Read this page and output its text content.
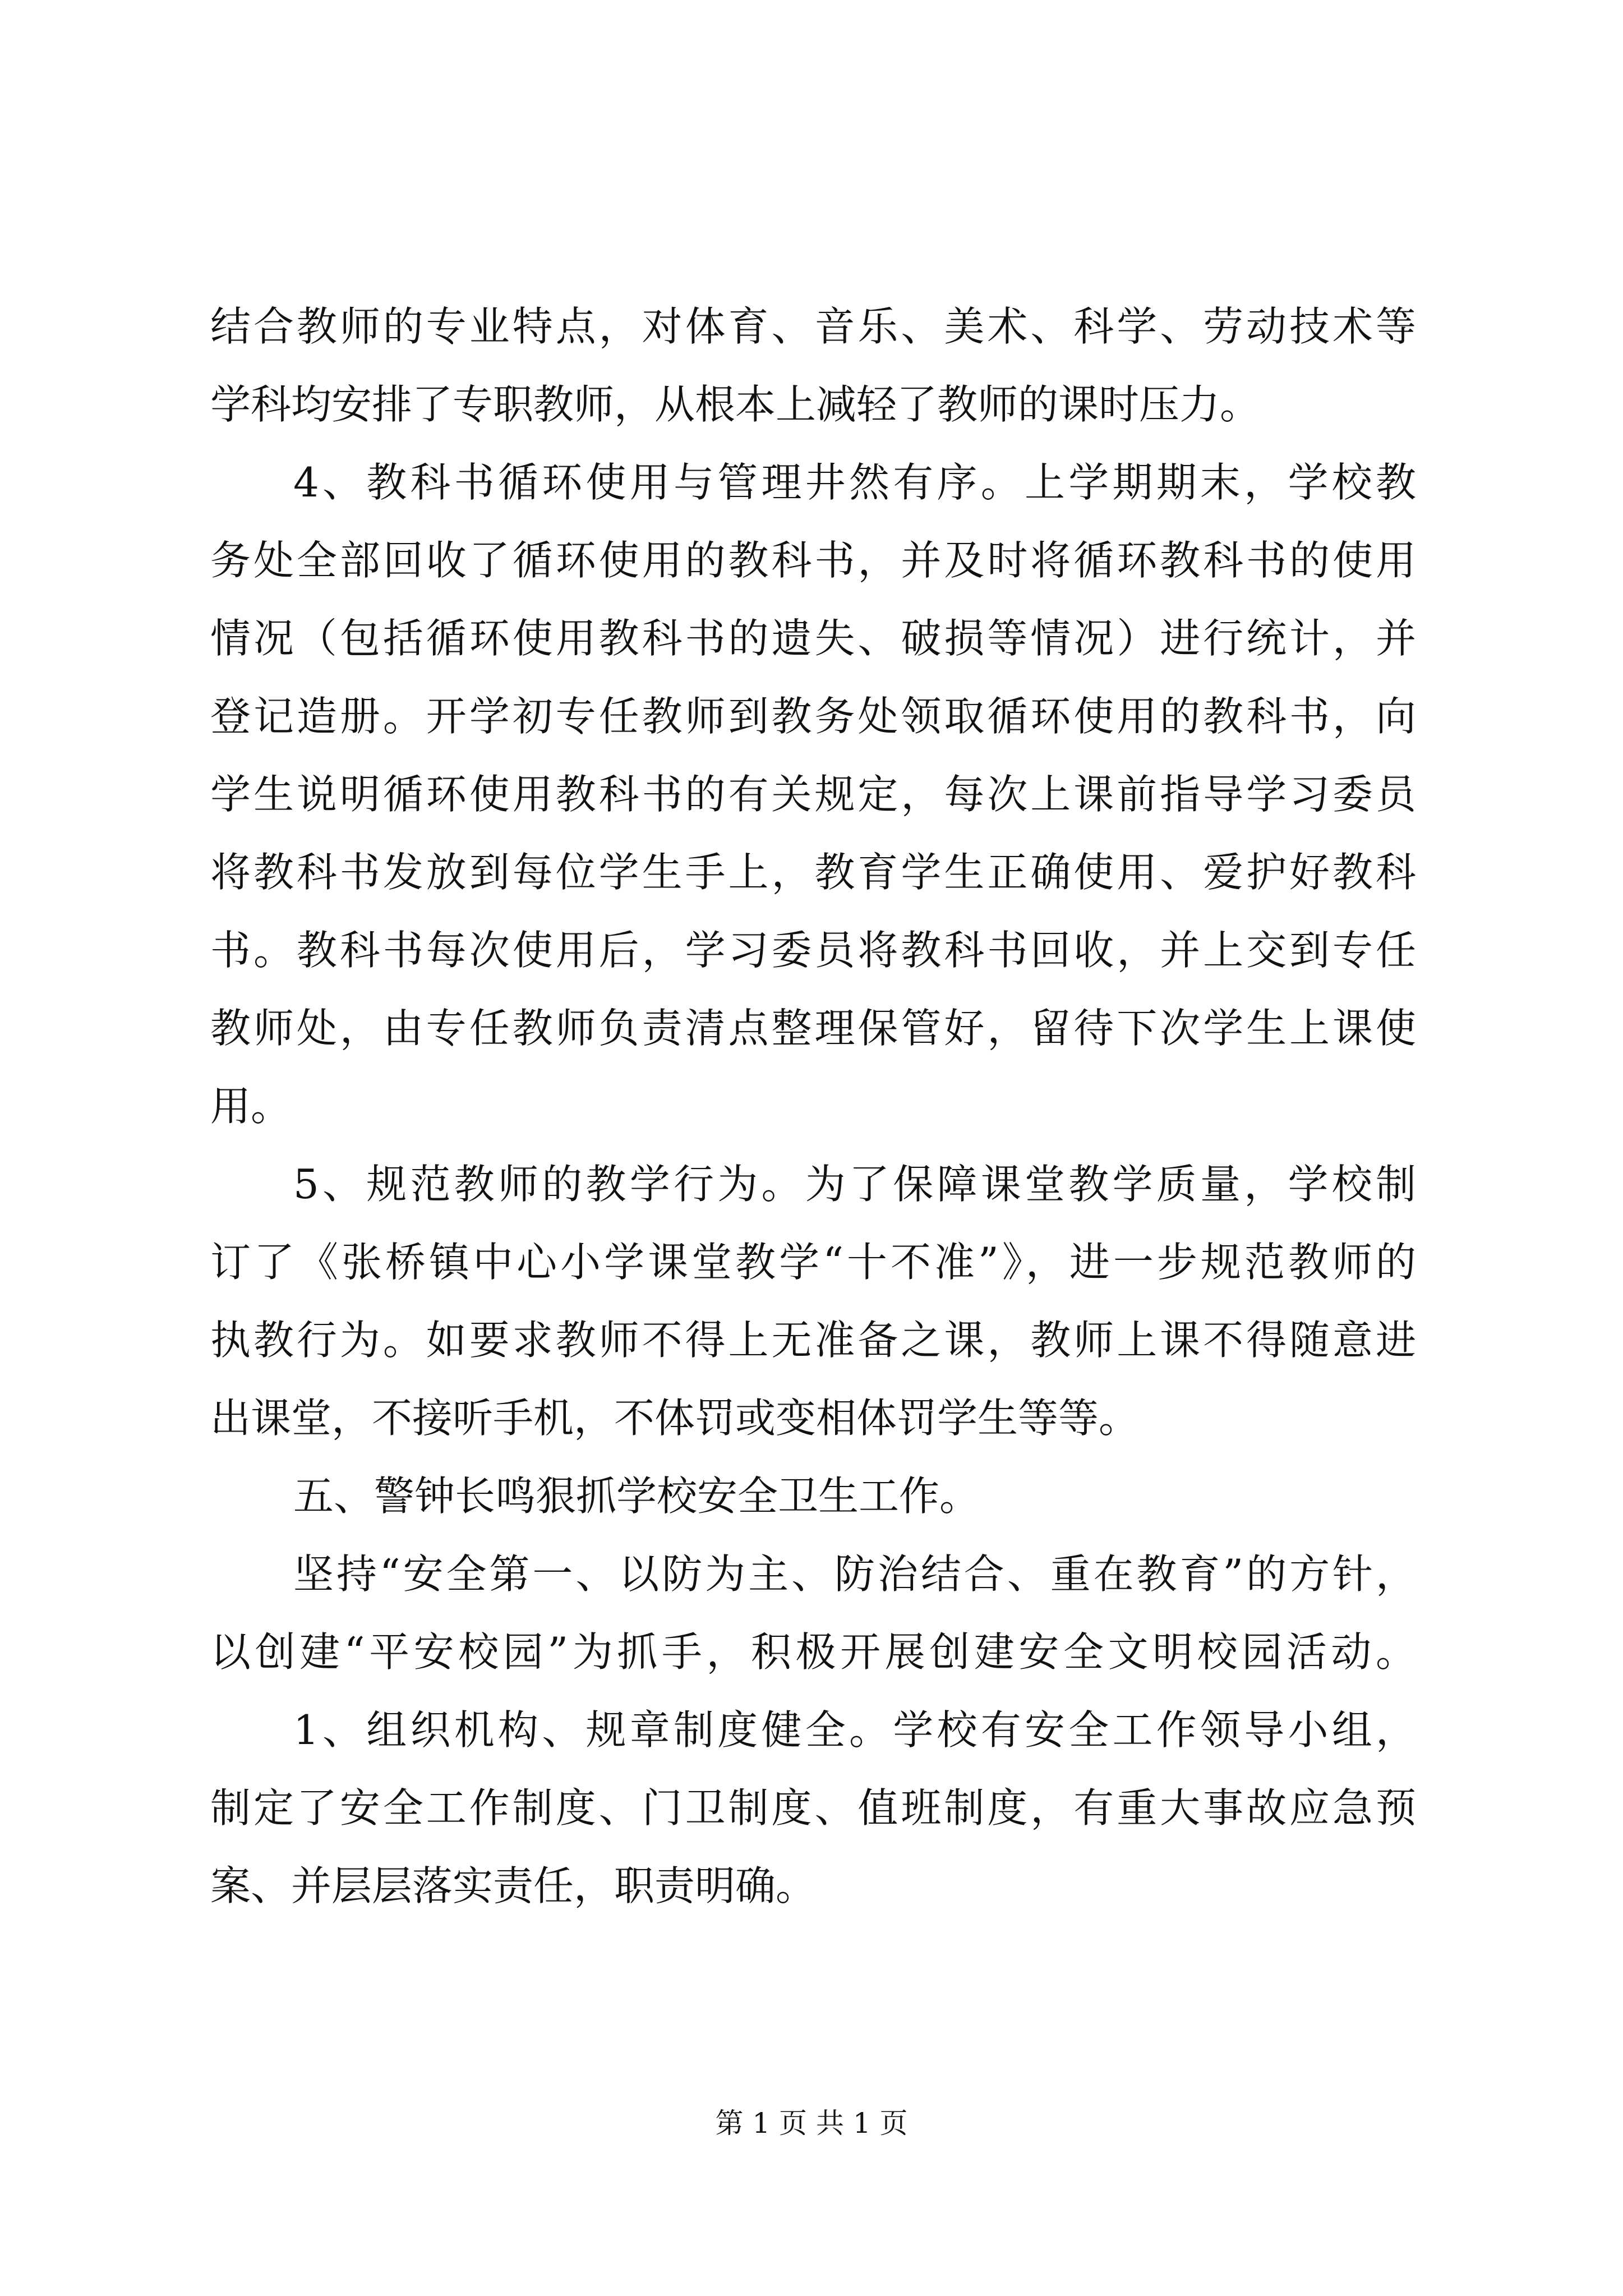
结合教师的专业特点，对体育、音乐、美术、科学、劳动技术等
学科均安排了专职教师，从根本上减轻了教师的课时压力。
4、教科书循环使用与管理井然有序。上学期期末，学校教
务处全部回收了循环使用的教科书，并及时将循环教科书的使用
情况（包括循环使用教科书的遗失、破损等情况）进行统计，并
登记造册。开学初专任教师到教务处领取循环使用的教科书，向
学生说明循环使用教科书的有关规定，每次上课前指导学习委员
将教科书发放到每位学生手上，教育学生正确使用、爱护好教科
书。教科书每次使用后，学习委员将教科书回收，并上交到专任
教师处，由专任教师负责清点整理保管好，留待下次学生上课使
用。
5、规范教师的教学行为。为了保障课堂教学质量，学校制
订了《张桥镇中心小学课堂教学“十不准”》，进一步规范教师的
执教行为。如要求教师不得上无准备之课，教师上课不得随意进
出课堂，不接听手机，不体罚或变相体罚学生等等。
五、警钟长鸣狠抓学校安全卫生工作。
坚持“安全第一、以防为主、防治结合、重在教育”的方针，
以创建“平安校园”为抓手，积极开展创建安全文明校园活动。
1、组织机构、规章制度健全。学校有安全工作领导小组，
制定了安全工作制度、门卫制度、值班制度，有重大事故应急预
案、并层层落实责任，职责明确。
第 1 页 共 1 页
